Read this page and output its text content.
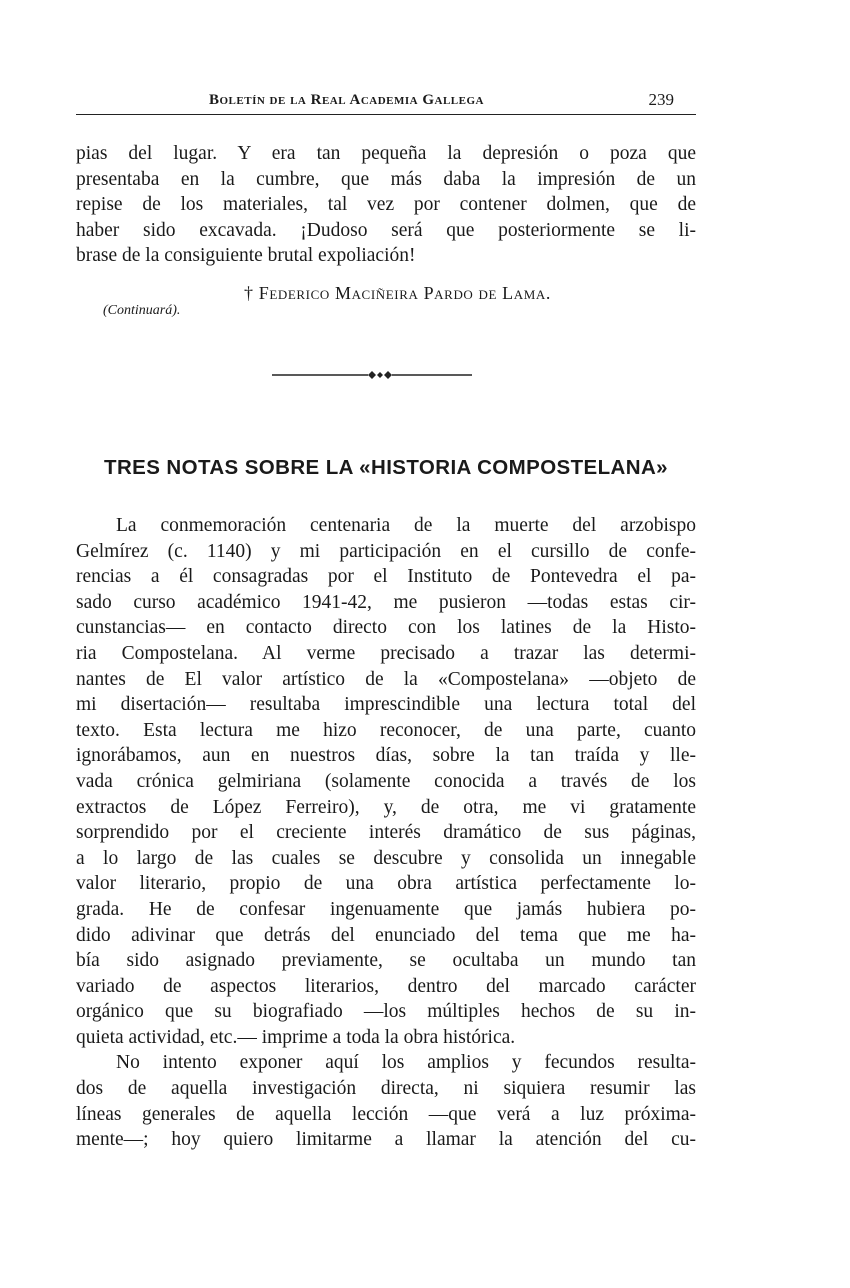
Boletín de la Real Academia Gallega	239
pias del lugar. Y era tan pequeña la depresión o poza que
presentaba en la cumbre, que más daba la impresión de un
repise de los materiales, tal vez por contener dolmen, que de
haber sido excavada. ¡Dudoso será que posteriormente se li-
brase de la consiguiente brutal expoliación!
† Federico Maciñeira Pardo de Lama.
(Continuará).
TRES NOTAS SOBRE LA «HISTORIA COMPOSTELANA»
La conmemoración centenaria de la muerte del arzobispo
Gelmírez (c. 1140) y mi participación en el cursillo de confe-
rencias a él consagradas por el Instituto de Pontevedra el pa-
sado curso académico 1941-42, me pusieron —todas estas cir-
cunstancias— en contacto directo con los latines de la Histo-
ria Compostelana. Al verme precisado a trazar las determi-
nantes de El valor artístico de la «Compostelana» —objeto de
mi disertación— resultaba imprescindible una lectura total del
texto. Esta lectura me hizo reconocer, de una parte, cuanto
ignorábamos, aun en nuestros días, sobre la tan traída y lle-
vada crónica gelmiriana (solamente conocida a través de los
extractos de López Ferreiro), y, de otra, me vi gratamente
sorprendido por el creciente interés dramático de sus páginas,
a lo largo de las cuales se descubre y consolida un innegable
valor literario, propio de una obra artística perfectamente lo-
grada. He de confesar ingenuamente que jamás hubiera po-
dido adivinar que detrás del enunciado del tema que me ha-
bía sido asignado previamente, se ocultaba un mundo tan
variado de aspectos literarios, dentro del marcado carácter
orgánico que su biografiado —los múltiples hechos de su in-
quieta actividad, etc.— imprime a toda la obra histórica.
No intento exponer aquí los amplios y fecundos resulta-
dos de aquella investigación directa, ni siquiera resumir las
líneas generales de aquella lección —que verá a luz próxima-
mente—; hoy quiero limitarme a llamar la atención del cu-
